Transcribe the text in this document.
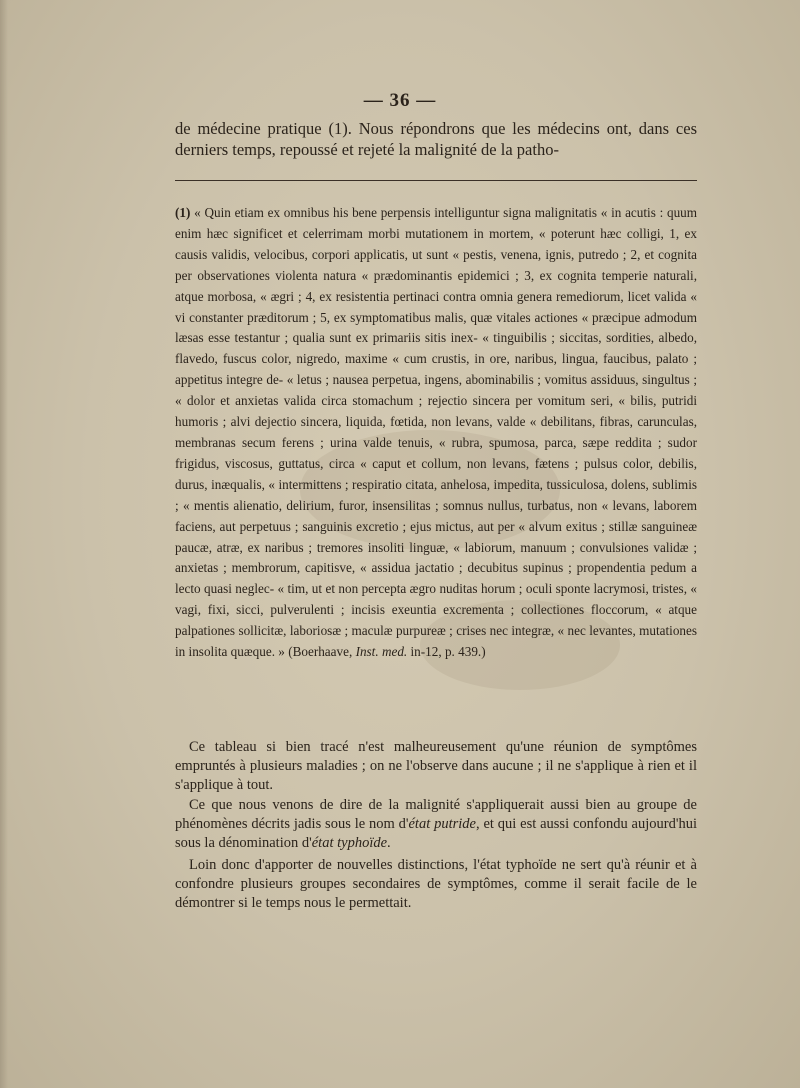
— 36 —
de médecine pratique (1). Nous répondrons que les médecins ont, dans ces derniers temps, repoussé et rejeté la malignité de la patho-
(1) « Quin etiam ex omnibus his bene perpensis intelliguntur signa malignitatis « in acutis : quum enim hæc significet et celerrimam morbi mutationem in mortem, « poterunt hæc colligi, 1, ex causis validis, velocibus, corpori applicatis, ut sunt « pestis, venena, ignis, putredo ; 2, et cognita per observationes violenta natura « prædominantis epidemici ; 3, ex cognita temperie naturali, atque morbosa, « ægri ; 4, ex resistentia pertinaci contra omnia genera remediorum, licet valida « vi constanter præditorum ; 5, ex symptomatibus malis, quæ vitales actiones « præcipue admodum læsas esse testantur ; qualia sunt ex primariis sitis inex- « tinguibilis ; siccitas, sordities, albedo, flavedo, fuscus color, nigredo, maxime « cum crustis, in ore, naribus, lingua, faucibus, palato ; appetitus integre de- « letus ; nausea perpetua, ingens, abominabilis ; vomitus assiduus, singultus ; « dolor et anxietas valida circa stomachum ; rejectio sincera per vomitum seri, « bilis, putridi humoris ; alvi dejectio sincera, liquida, fœtida, non levans, valde « debilitans, fibras, carunculas, membranas secum ferens ; urina valde tenuis, « rubra, spumosa, parca, sæpe reddita ; sudor frigidus, viscosus, guttatus, circa « caput et collum, non levans, fætens ; pulsus color, debilis, durus, inæqualis, « intermittens ; respiratio citata, anhelosa, impedita, tussiculosa, dolens, sublimis ; « mentis alienatio, delirium, furor, insensilitas ; somnus nullus, turbatus, non « levans, laborem faciens, aut perpetuus ; sanguinis excretio ; ejus mictus, aut per « alvum exitus ; stillæ sanguineæ paucæ, atræ, ex naribus ; tremores insoliti linguæ, « labiorum, manuum ; convulsiones validæ ; anxietas ; membrorum, capitisve, « assidua jactatio ; decubitus supinus ; propendentia pedum a lecto quasi neglec- « tim, ut et non percepta ægro nuditas horum ; oculi sponte lacrymosi, tristes, « vagi, fixi, sicci, pulverulenti ; incisis exeuntia excrementa ; collectiones floccorum, « atque palpationes sollicitæ, laboriosæ ; maculæ purpureæ ; crises nec integræ, « nec levantes, mutationes in insolita quæque. » (Boerhaave, Inst. med. in-12, p. 439.)
Ce tableau si bien tracé n'est malheureusement qu'une réunion de symptômes empruntés à plusieurs maladies ; on ne l'observe dans aucune ; il ne s'applique à rien et il s'applique à tout.
Ce que nous venons de dire de la malignité s'appliquerait aussi bien au groupe de phénomènes décrits jadis sous le nom d'état putride, et qui est aussi confondu aujourd'hui sous la dénomination d'état typhoïde.
Loin donc d'apporter de nouvelles distinctions, l'état typhoïde ne sert qu'à réunir et à confondre plusieurs groupes secondaires de symptômes, comme il serait facile de le démontrer si le temps nous le permettait.
